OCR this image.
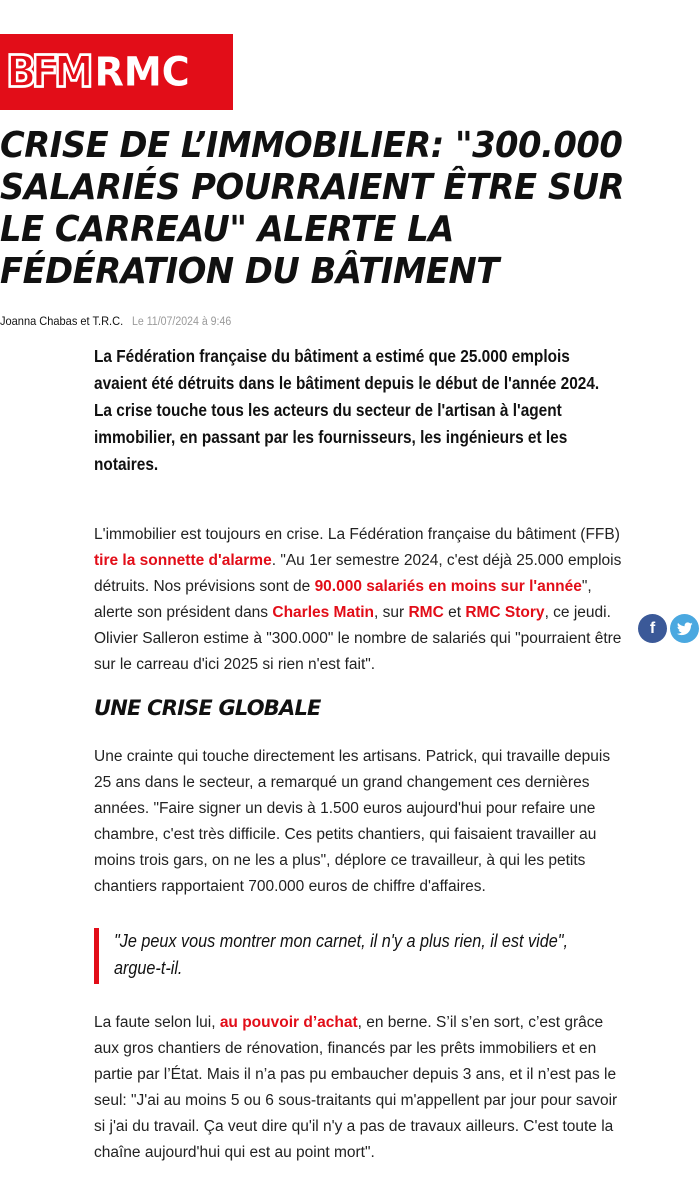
BFM RMC
CRISE DE L’IMMOBILIER: "300.000 SALARIÉS POURRAIENT ÊTRE SUR LE CARREAU" ALERTE LA FÉDÉRATION DU BÂTIMENT
Joanna Chabas et T.R.C. Le 11/07/2024 à 9:46
f

La Fédération française du bâtiment a estimé que 25.000 emplois avaient été détruits dans le bâtiment depuis le début de l'année 2024. La crise touche tous les acteurs du secteur de l'artisan à l'agent immobilier, en passant par les fournisseurs, les ingénieurs et les notaires.

L'immobilier est toujours en crise. La Fédération française du bâtiment (FFB) tire la sonnette d'alarme. "Au 1er semestre 2024, c'est déjà 25.000 emplois détruits. Nos prévisions sont de 90.000 salariés en moins sur l'année", alerte son président dans Charles Matin, sur RMC et RMC Story, ce jeudi. Olivier Salleron estime à "300.000" le nombre de salariés qui "pourraient être sur le carreau d'ici 2025 si rien n'est fait".

UNE CRISE GLOBALE

Une crainte qui touche directement les artisans. Patrick, qui travaille depuis 25 ans dans le secteur, a remarqué un grand changement ces dernières années. "Faire signer un devis à 1.500 euros aujourd'hui pour refaire une chambre, c'est très difficile. Ces petits chantiers, qui faisaient travailler au moins trois gars, on ne les a plus", déplore ce travailleur, à qui les petits chantiers rapportaient 700.000 euros de chiffre d'affaires.

"Je peux vous montrer mon carnet, il n'y a plus rien, il est vide", argue-t-il.

La faute selon lui, au pouvoir d’achat, en berne. S’il s’en sort, c’est grâce aux gros chantiers de rénovation, financés par les prêts immobiliers et en partie par l’État. Mais il n’a pas pu embaucher depuis 3 ans, et il n’est pas le seul: "J'ai au moins 5 ou 6 sous-traitants qui m'appellent par jour pour savoir si j'ai du travail. Ça veut dire qu'il n'y a pas de travaux ailleurs. C'est toute la chaîne aujourd'hui qui est au point mort".
